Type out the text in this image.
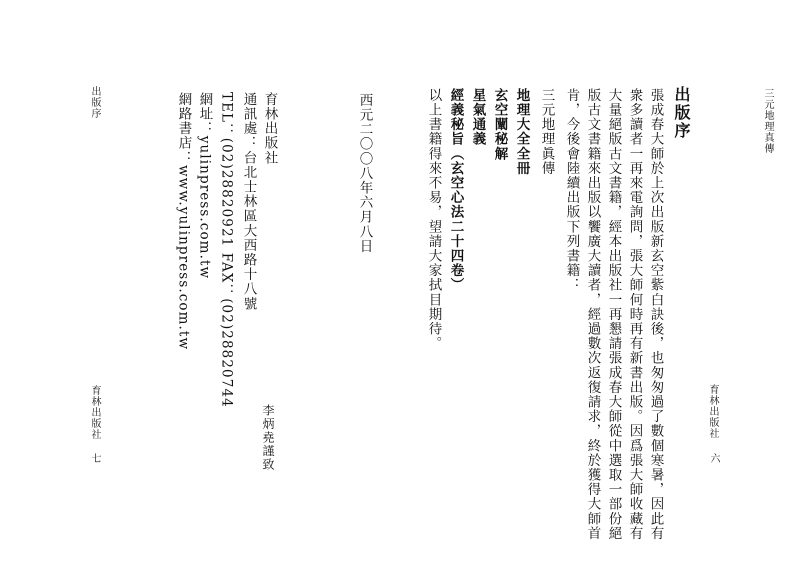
三元地理真傳
出版序
張成春大師於上次出版新玄空紫白訣後，也匆匆過了數個寒暑，因此有
衆多讀者一再來電詢問，張大師何時再有新書出版。因爲張大師收藏有
大量絕版古文書籍，經本出版社一再懇請張成春大師從中選取一部份絕
版古文書籍來出版以饗廣大讀者，經過數次返復請求，終於獲得大師首
肯，今後會陸續出版下列書籍：
三元地理眞傳
地理大全全冊
玄空闡秘解
星氣通義
經義秘旨（玄空心法二十四卷）
以上書籍得來不易，望請大家拭目期待。
西元二〇〇八年六月八日
李炳堯謹致	育林出版社
六
育林出版社
通訊處：台北士林區大西路十八號
TEL：(02)28820921 FAX：(02)28820744
網址：yulinpress.com.tw
網路書店：www.yulinpress.com.tw
出版序
育林出版社
七
